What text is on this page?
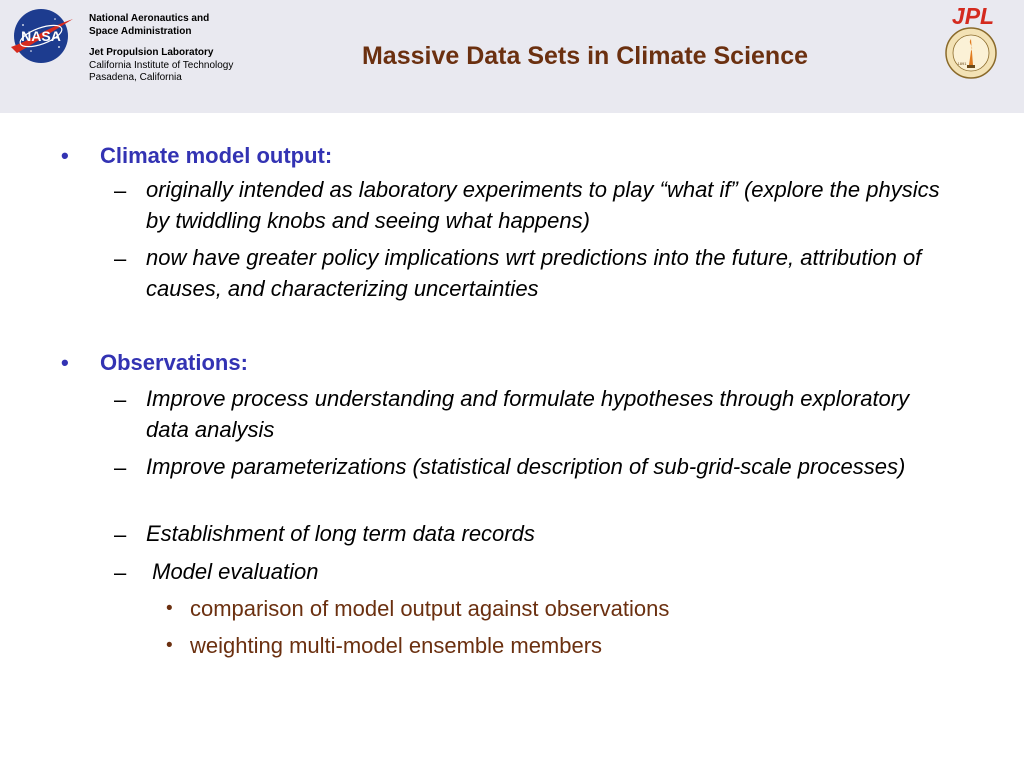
NASA
National Aeronautics and
Space Administration
Jet Propulsion Laboratory
California Institute of Technology
Pasadena, California
Massive Data Sets in Climate Science
JPL
1891
• Climate model output:
– originally intended as laboratory experiments to play “what if” (explore the physics by twiddling knobs and seeing what happens)
– now have greater policy implications wrt predictions into the future, attribution of causes, and characterizing uncertainties
• Observations:
– Improve process understanding and formulate hypotheses through exploratory data analysis
– Improve parameterizations (statistical description of sub-grid-scale processes)
– Establishment of long term data records
– Model evaluation
• comparison of model output against observations
• weighting multi-model ensemble members
